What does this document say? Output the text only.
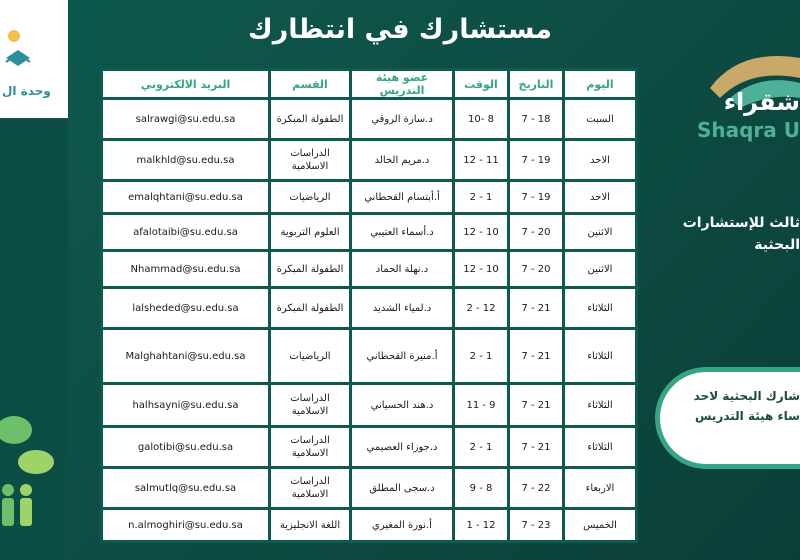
وحدة ال	شقراء
Shaqra U
ثالث للإستشارات
البحثية
شارك البحثية لاحد
ساء هيئة التدريس
مستشارك في انتظارك
اليوم	التاريخ	الوقت	عضو هيئة التدريس	القسم	البريد الالكتروني
السبت	18 - 7	8 -10	د.سارة الروقي	الطفولة المبكرة	salrawgi@su.edu.sa
الاحد	19 - 7	11 - 12	د.مريم الخالد	الدراسات الاسلامية	malkhld@su.edu.sa
الاحد	19 - 7	1 - 2	أ.أبتسام القحطاني	الرياضيات	emalqhtani@su.edu.sa
الاثنين	20 - 7	10 - 12	د.أسماء العتيبي	العلوم التربوية	afalotaibi@su.edu.sa
الاثنين	20 - 7	10 - 12	د.نهلة الحماد	الطفولة المبكرة	Nhammad@su.edu.sa
الثلاثاء	21 - 7	12 - 2	د.لمياء الشديد	الطفولة المبكرة	lalsheded@su.edu.sa
الثلاثاء	21 - 7	1 - 2	أ.منيرة القحطاني	الرياضيات	Malghahtani@su.edu.sa
الثلاثاء	21 - 7	9 - 11	د.هند الحسياني	الدراسات الاسلامية	halhsayni@su.edu.sa
الثلاثاء	21 - 7	1 - 2	د.جوزاء العصيمي	الدراسات الاسلامية	galotibi@su.edu.sa
الاربعاء	22 - 7	8 - 9	د.سجى المطلق	الدراسات الاسلامية	salmutlq@su.edu.sa
الخميس	23 - 7	12 - 1	أ.نورة المغيري	اللغة الانجليزية	n.almoghiri@su.edu.sa
